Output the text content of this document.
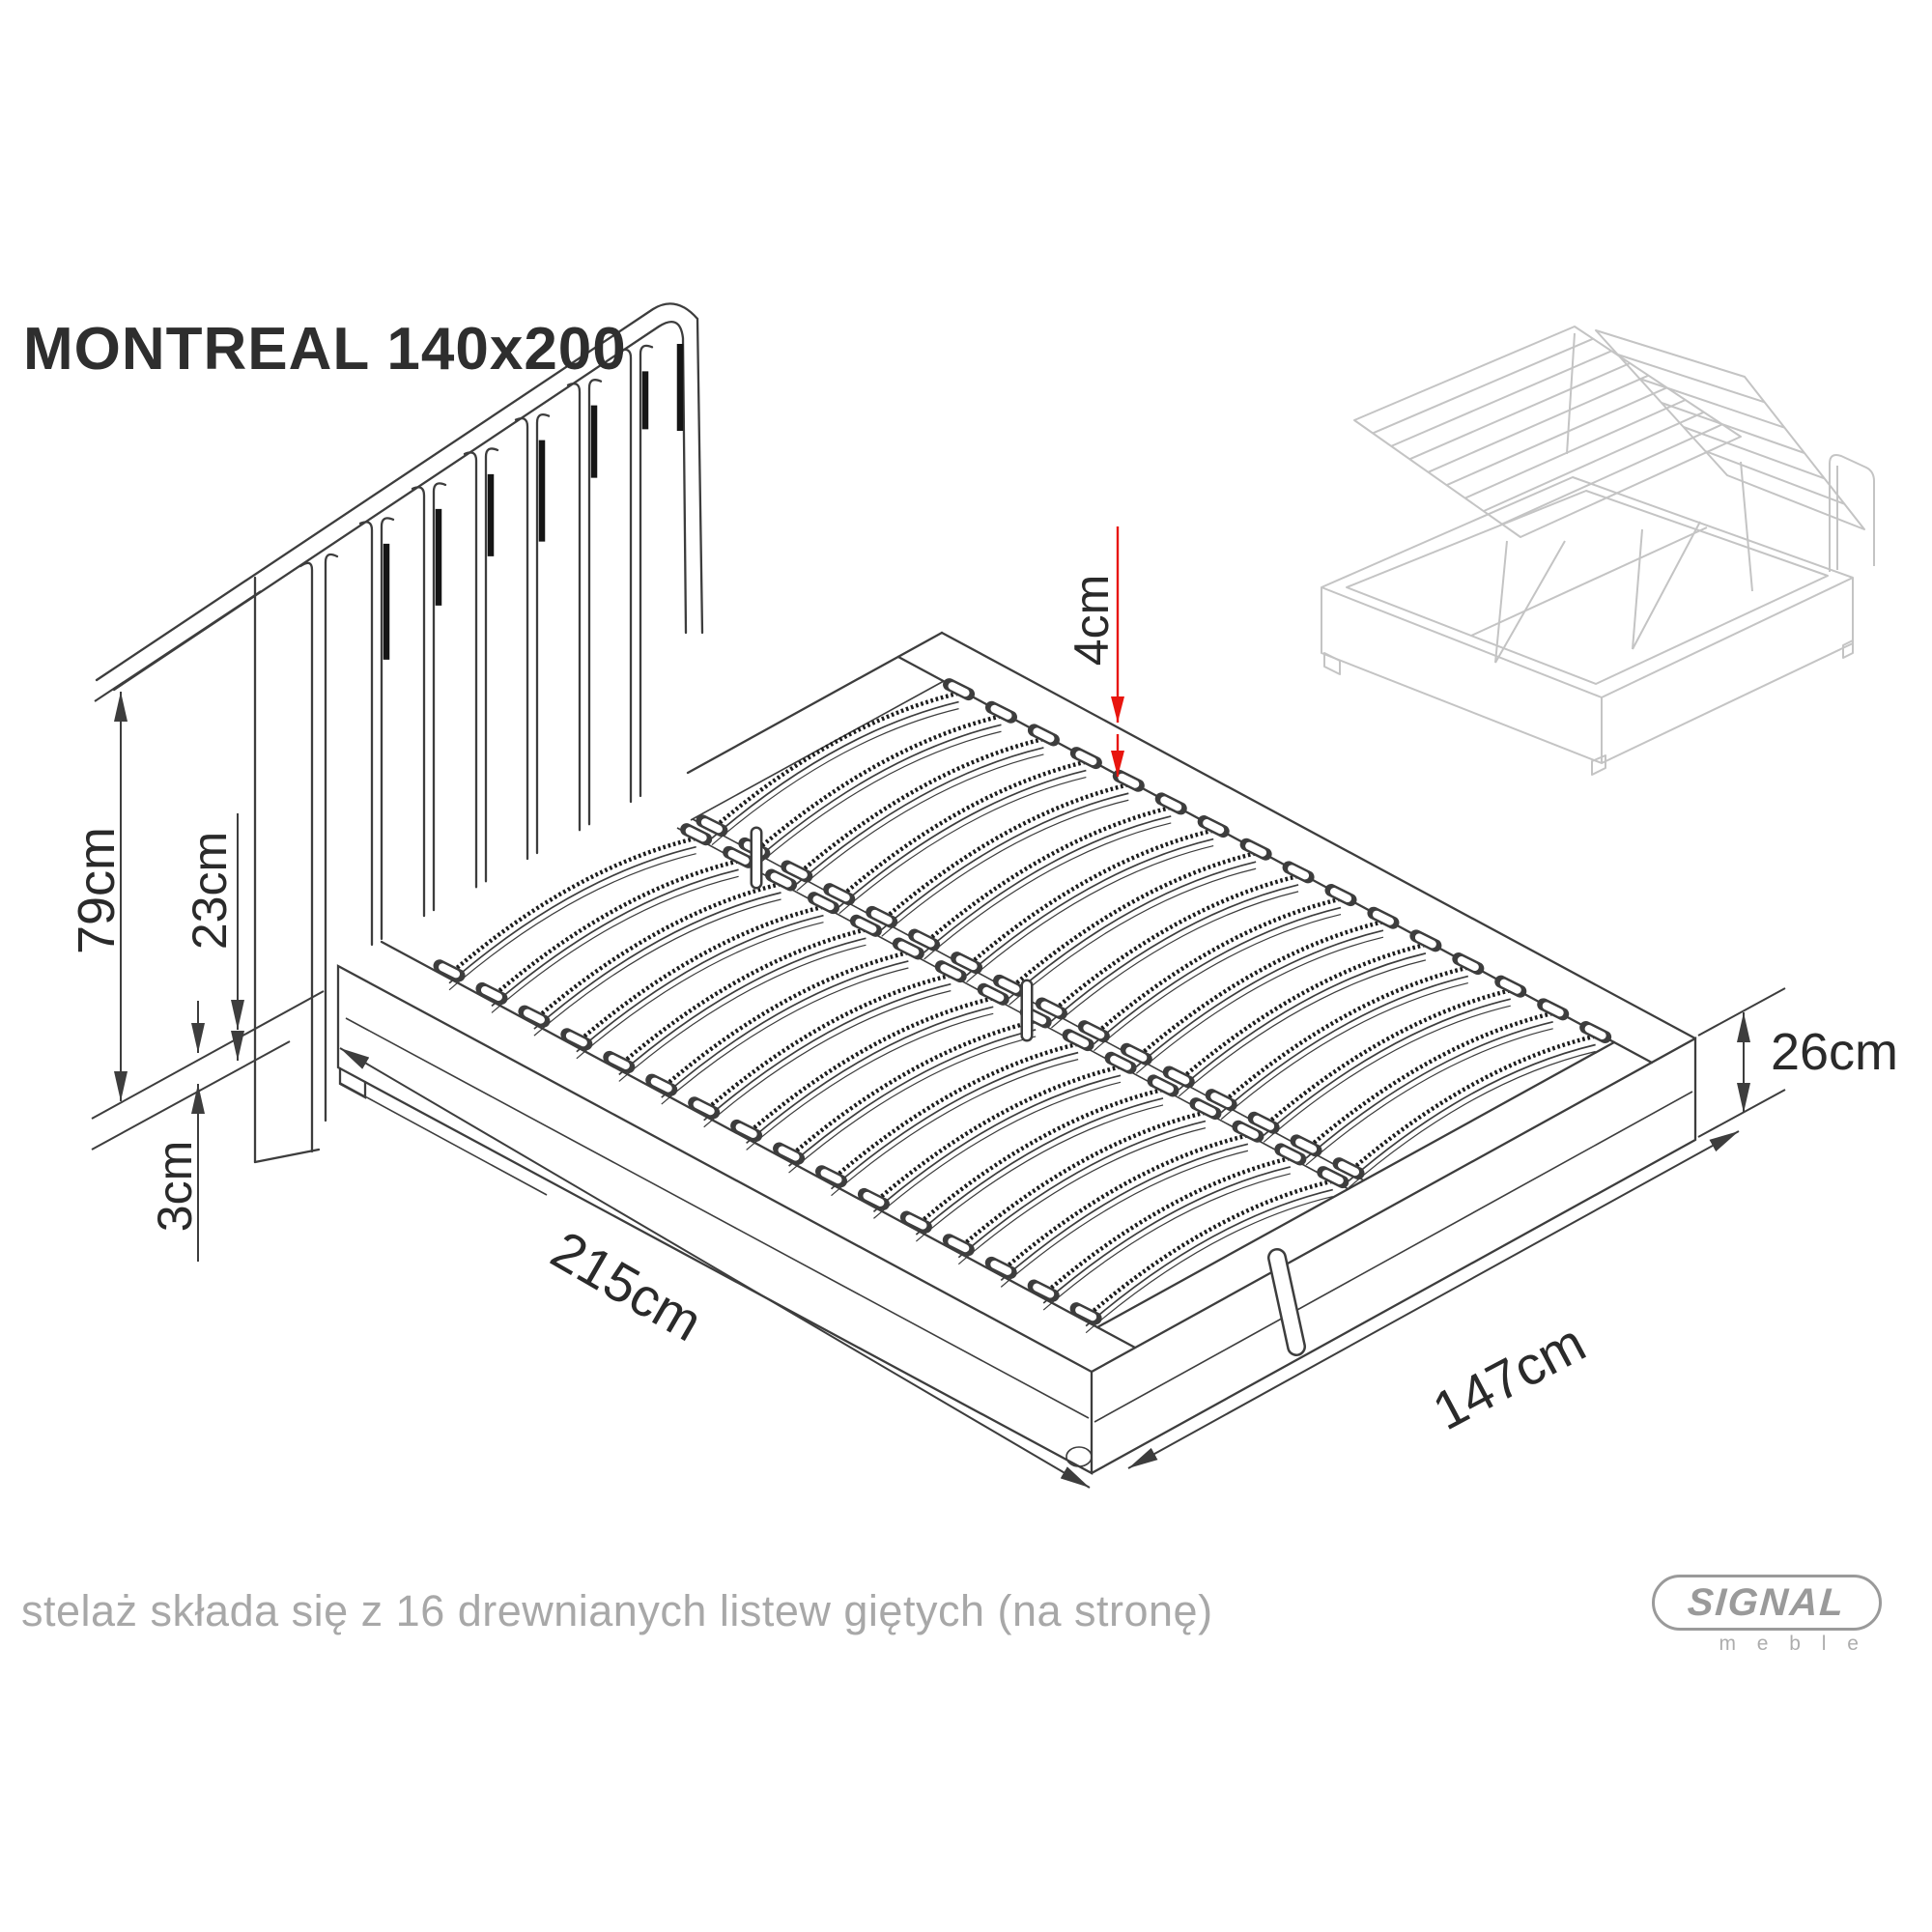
MONTREAL 140x200
79cm 23cm
3cm
4cm
26cm
215cm
147cm
stelaż składa się z 16 drewnianych listew giętych (na stronę)	SIGNAL
m e b l e
